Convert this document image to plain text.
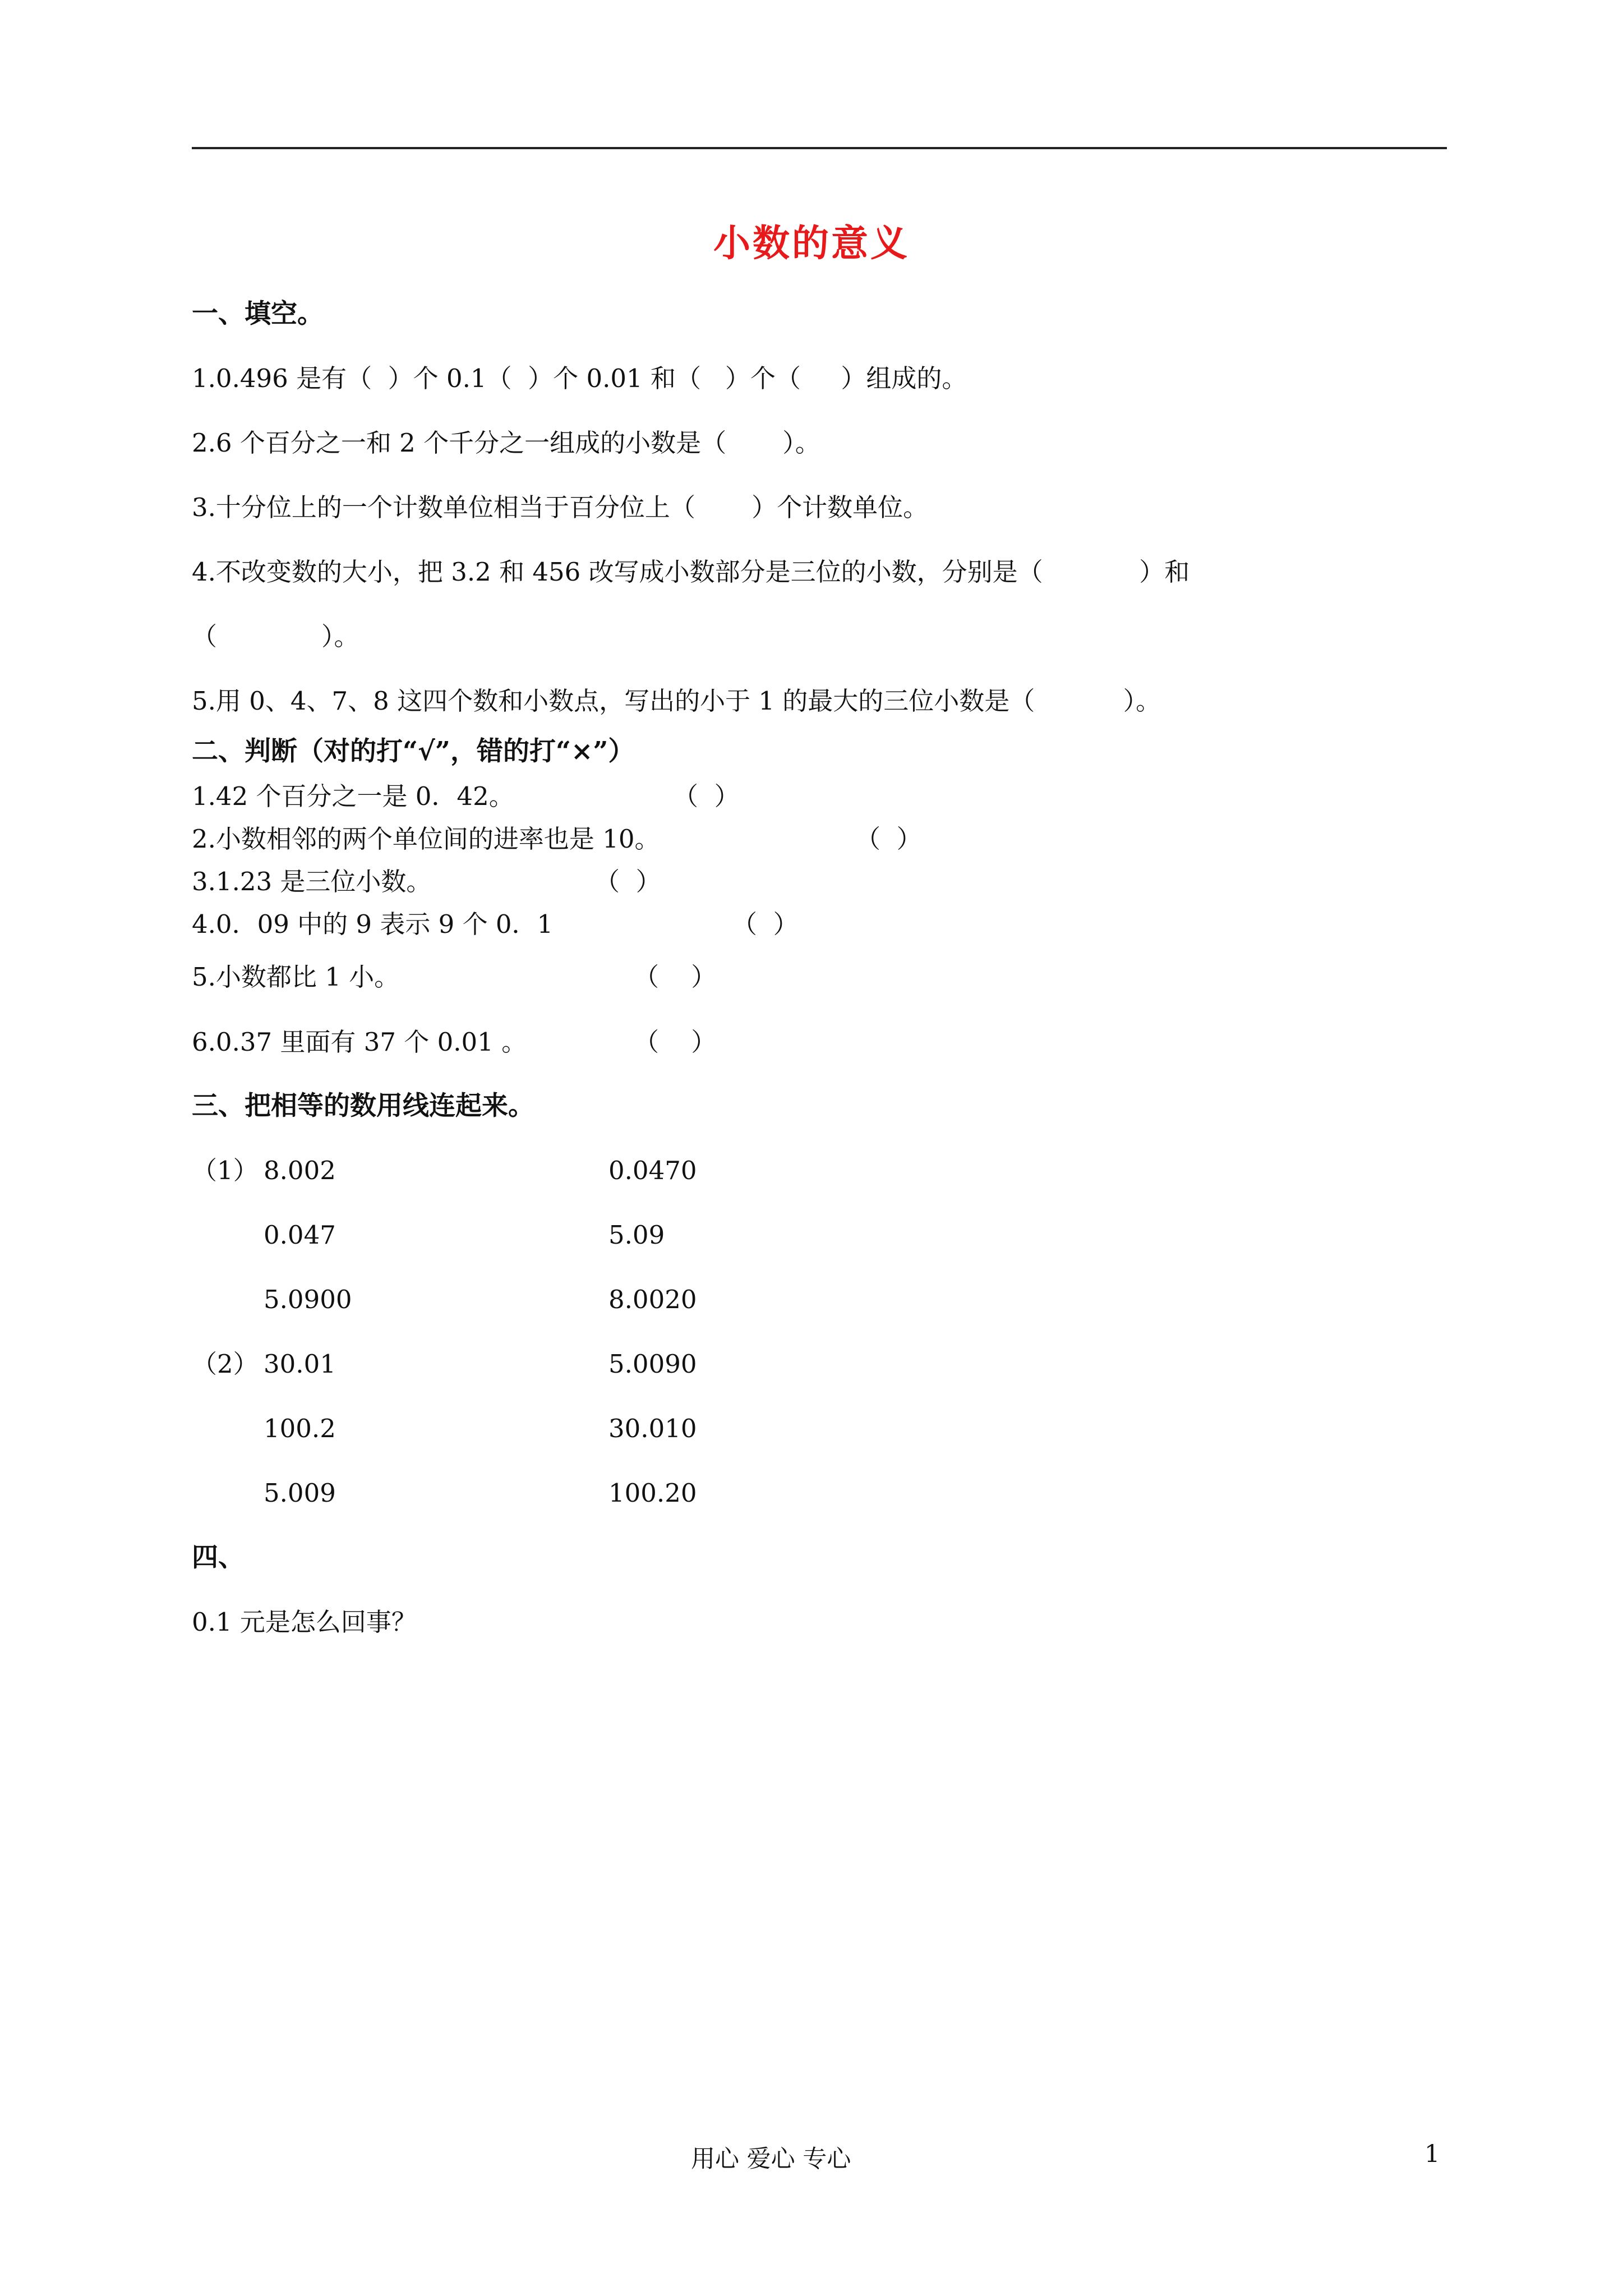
小数的意义
一、填空。
1.0.496 是有（  ）个 0.1（  ）个 0.01 和（   ）个（     ）组成的。
2.6 个百分之一和 2 个千分之一组成的小数是（       ）。
3.十分位上的一个计数单位相当于百分位上（       ）个计数单位。
4.不改变数的大小，把 3.2 和 456 改写成小数部分是三位的小数，分别是（            ）和
（             ）。
5.用 0、4、7、8 这四个数和小数点，写出的小于 1 的最大的三位小数是（           ）。
二、判断（对的打“√”，错的打“×”）
1.42 个百分之一是 0．42。	（  ）
2.小数相邻的两个单位间的进率也是 10。	（  ）
3.1.23 是三位小数。	（  ）
4.0．09 中的 9 表示 9 个 0．1	（  ）
5.小数都比 1 小。	（    ）
6.0.37 里面有 37 个 0.01 。	（    ）
三、把相等的数用线连起来。
（1） 8.002	0.0470
0.047	5.09
5.0900	8.0020
（2） 30.01	5.0090
100.2	30.010
5.009	100.20
四、
0.1 元是怎么回事？
用心 爱心 专心	1
